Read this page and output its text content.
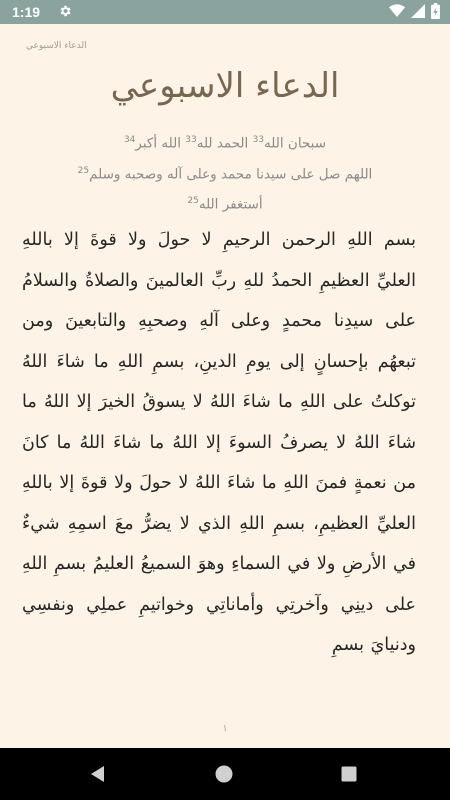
1:19
الدعاء الاسبوعي
الدعاء الاسبوعي
سبحان الله$^{33}$ الحمد لله$^{33}$ الله أكبر$^{34}$
اللهم صل على سيدنا محمد وعلى آله وصحبه وسلم$^{25}$
أستغفر الله$^{25}$
بسم اللهِ الرحمن الرحيمِ لا حولَ ولا قوةَ إلا باللهِ العليِّ العظيمِ الحمدُ للهِ ربِّ العالمينَ والصلاةُ والسلامُ على سيدِنا محمدٍ وعلى آلهِ وصحبِهِ والتابعينَ ومن تبعهُم بإحسانٍ إلى يومِ الدينِ، بسمِ اللهِ ما شاءَ اللهُ توكلتُ على اللهِ ما شاءَ اللهُ لا يسوقُ الخيرَ إلا اللهُ ما شاءَ اللهُ لا يصرفُ السوءَ إلا اللهُ ما شاءَ اللهُ ما كانَ من نعمةٍ فمنَ اللهِ ما شاءَ اللهُ لا حولَ ولا قوةَ إلا باللهِ العليِّ العظيمِ، بسمِ اللهِ الذي لا يضرُّ معَ اسمِهِ شيءٌ في الأرضِ ولا في السماءِ وهوَ السميعُ العليمُ بسمِ اللهِ على دينِي وآخرتِي وأماناتِي وخواتيمِ عملِي ونفسِي ودنيايَ بسمِ
١
